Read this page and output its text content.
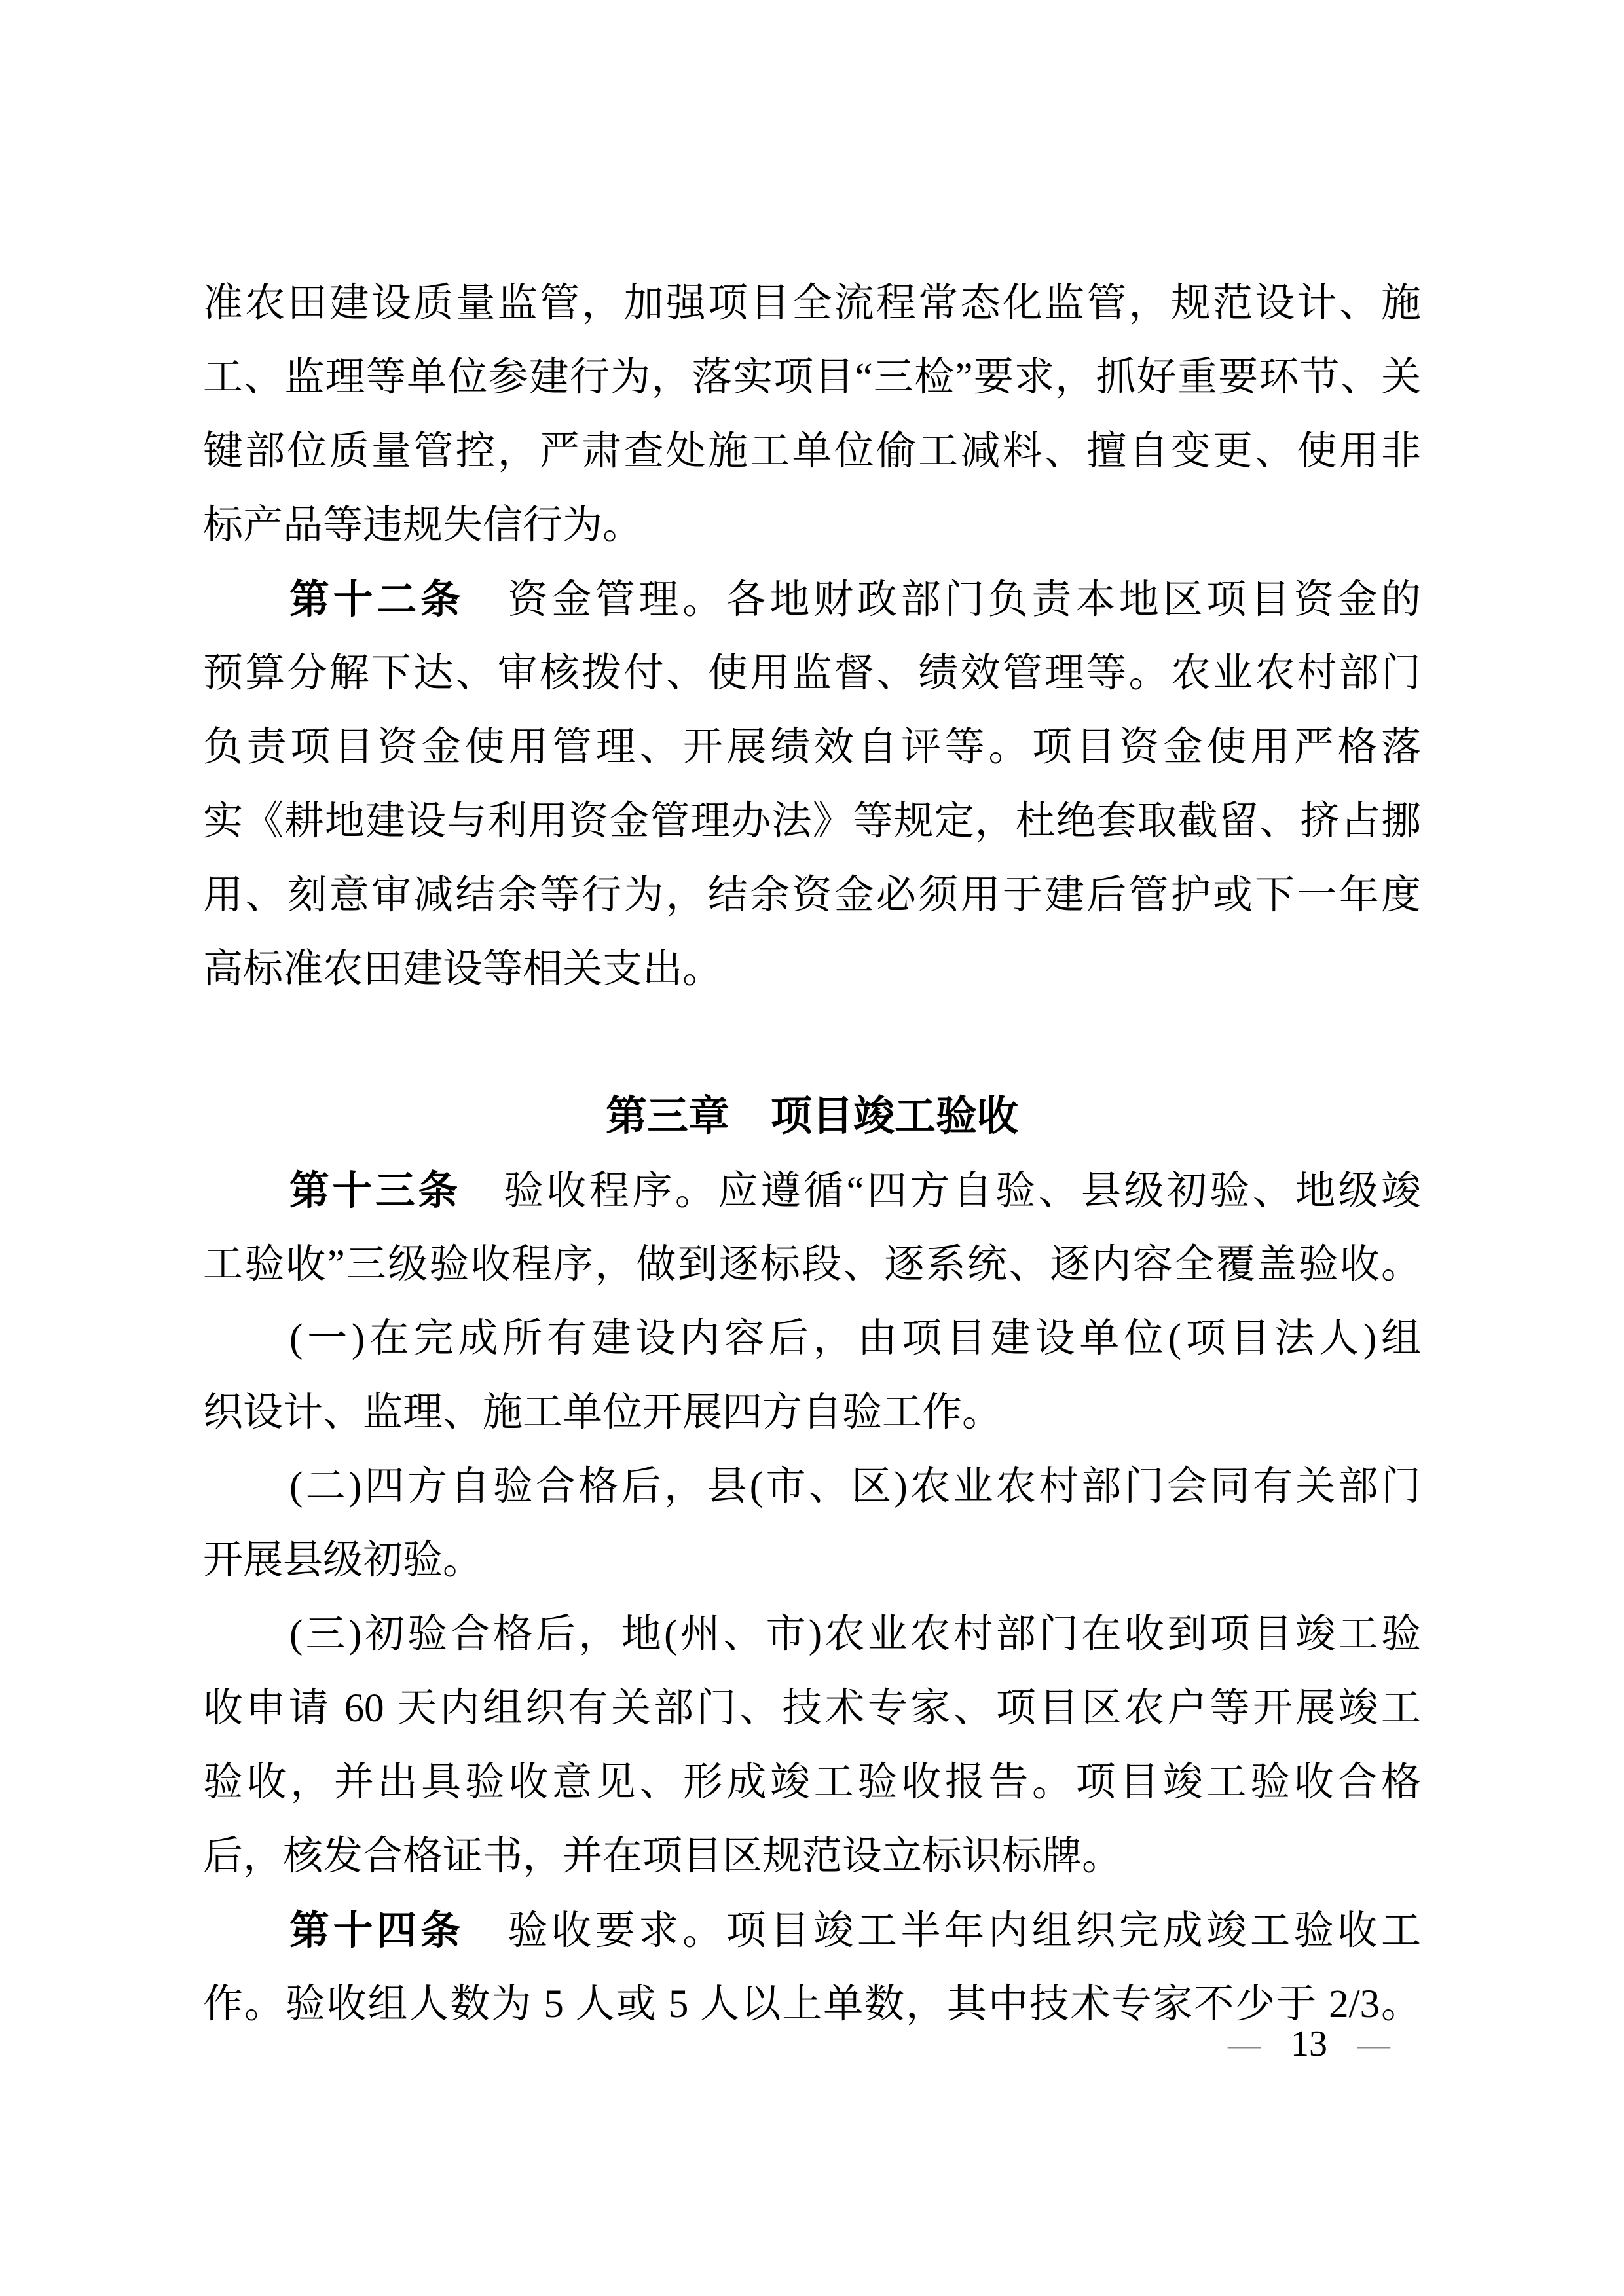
准农田建设质量监管，加强项目全流程常态化监管，规范设计、施
工、监理等单位参建行为，落实项目“三检”要求，抓好重要环节、关
键部位质量管控，严肃查处施工单位偷工减料、擅自变更、使用非
标产品等违规失信行为。
第十二条　资金管理。各地财政部门负责本地区项目资金的
预算分解下达、审核拨付、使用监督、绩效管理等。农业农村部门
负责项目资金使用管理、开展绩效自评等。项目资金使用严格落
实《耕地建设与利用资金管理办法》等规定，杜绝套取截留、挤占挪
用、刻意审减结余等行为，结余资金必须用于建后管护或下一年度
高标准农田建设等相关支出。
第三章　项目竣工验收
第十三条　验收程序。应遵循“四方自验、县级初验、地级竣
工验收”三级验收程序，做到逐标段、逐系统、逐内容全覆盖验收。
(一)在完成所有建设内容后，由项目建设单位(项目法人)组
织设计、监理、施工单位开展四方自验工作。
(二)四方自验合格后，县(市、区)农业农村部门会同有关部门
开展县级初验。
(三)初验合格后，地(州、市)农业农村部门在收到项目竣工验
收申请 60 天内组织有关部门、技术专家、项目区农户等开展竣工
验收，并出具验收意见、形成竣工验收报告。项目竣工验收合格
后，核发合格证书，并在项目区规范设立标识标牌。
第十四条　验收要求。项目竣工半年内组织完成竣工验收工
作。验收组人数为 5 人或 5 人以上单数，其中技术专家不少于 2/3。
— 13 —
